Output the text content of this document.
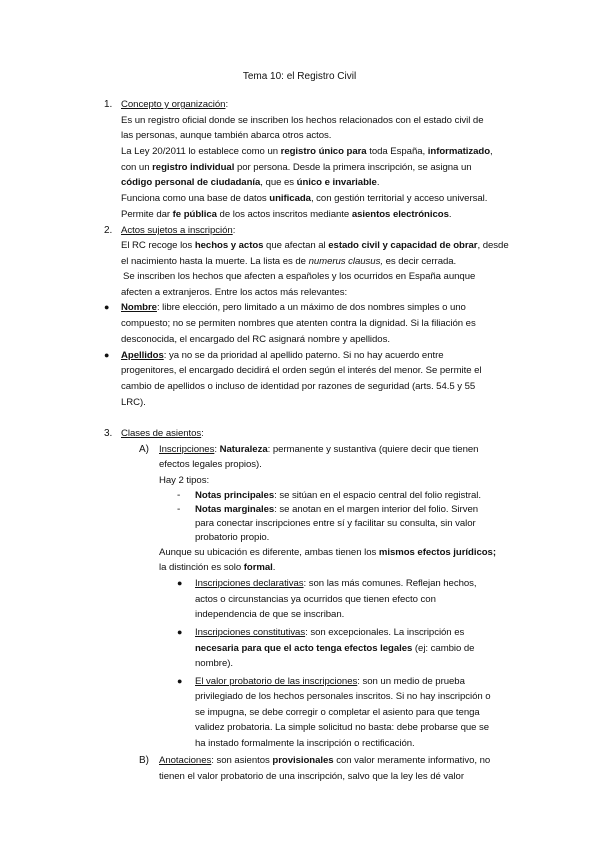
Tema 10: el Registro Civil
1. Concepto y organización:
Es un registro oficial donde se inscriben los hechos relacionados con el estado civil de
las personas, aunque también abarca otros actos.
La Ley 20/2011 lo establece como un registro único para toda España, informatizado,
con un registro individual por persona. Desde la primera inscripción, se asigna un
código personal de ciudadanía, que es único e invariable.
Funciona como una base de datos unificada, con gestión territorial y acceso universal.
Permite dar fe pública de los actos inscritos mediante asientos electrónicos.
2. Actos sujetos a inscripción:
El RC recoge los hechos y actos que afectan al estado civil y capacidad de obrar, desde
el nacimiento hasta la muerte. La lista es de numerus clausus, es decir cerrada.
Se inscriben los hechos que afecten a españoles y los ocurridos en España aunque
afecten a extranjeros. Entre los actos más relevantes:
● Nombre: libre elección, pero limitado a un máximo de dos nombres simples o uno
compuesto; no se permiten nombres que atenten contra la dignidad. Si la filiación es
desconocida, el encargado del RC asignará nombre y apellidos.
● Apellidos: ya no se da prioridad al apellido paterno. Si no hay acuerdo entre
progenitores, el encargado decidirá el orden según el interés del menor. Se permite el
cambio de apellidos o incluso de identidad por razones de seguridad (arts. 54.5 y 55
LRC).
3. Clases de asientos:
A) Inscripciones: Naturaleza: permanente y sustantiva (quiere decir que tienen
efectos legales propios).
Hay 2 tipos:
- Notas principales: se sitúan en el espacio central del folio registral.
- Notas marginales: se anotan en el margen interior del folio. Sirven
para conectar inscripciones entre sí y facilitar su consulta, sin valor
probatorio propio.
Aunque su ubicación es diferente, ambas tienen los mismos efectos jurídicos;
la distinción es solo formal.
● Inscripciones declarativas: son las más comunes. Reflejan hechos,
actos o circunstancias ya ocurridos que tienen efecto con
independencia de que se inscriban.
● Inscripciones constitutivas: son excepcionales. La inscripción es
necesaria para que el acto tenga efectos legales (ej: cambio de
nombre).
● El valor probatorio de las inscripciones: son un medio de prueba
privilegiado de los hechos personales inscritos. Si no hay inscripción o
se impugna, se debe corregir o completar el asiento para que tenga
validez probatoria. La simple solicitud no basta: debe probarse que se
ha instado formalmente la inscripción o rectificación.
B) Anotaciones: son asientos provisionales con valor meramente informativo, no
tienen el valor probatorio de una inscripción, salvo que la ley les dé valor
